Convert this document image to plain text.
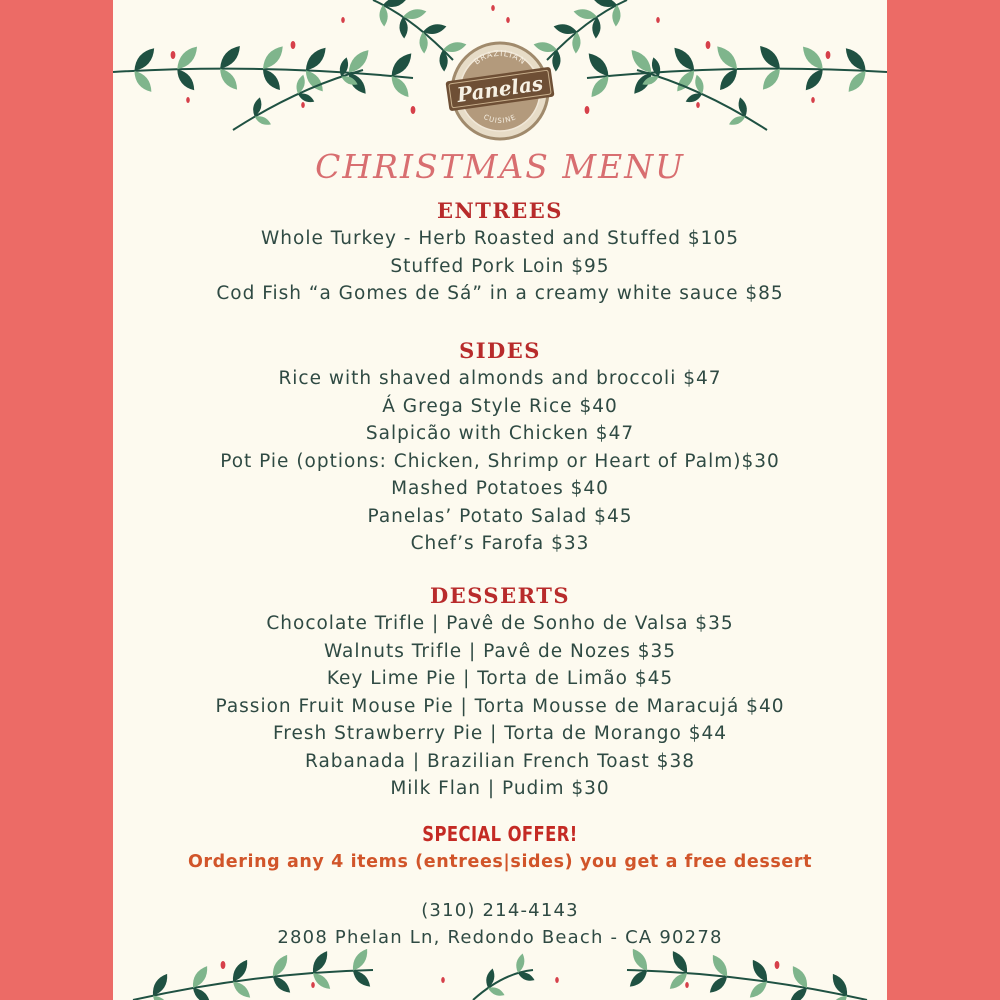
BRAZILIAN
CUISINE
Panelas
CHRISTMAS MENU
ENTREES
Whole Turkey - Herb Roasted and Stuffed $105
Stuffed Pork Loin $95
Cod Fish “a Gomes de Sá” in a creamy white sauce $85
SIDES
Rice with shaved almonds and broccoli $47
Á Grega Style Rice $40
Salpicão with Chicken $47
Pot Pie (options: Chicken, Shrimp or Heart of Palm)$30
Mashed Potatoes $40
Panelas’ Potato Salad $45
Chef’s Farofa $33
DESSERTS
Chocolate Trifle | Pavê de Sonho de Valsa $35
Walnuts Trifle | Pavê de Nozes $35
Key Lime Pie | Torta de Limão $45
Passion Fruit Mouse Pie | Torta Mousse de Maracujá $40
Fresh Strawberry Pie | Torta de Morango $44
Rabanada | Brazilian French Toast $38
Milk Flan | Pudim $30
SPECIAL OFFER!
Ordering any 4 items (entrees|sides) you get a free dessert
(310) 214-4143
2808 Phelan Ln, Redondo Beach - CA 90278
